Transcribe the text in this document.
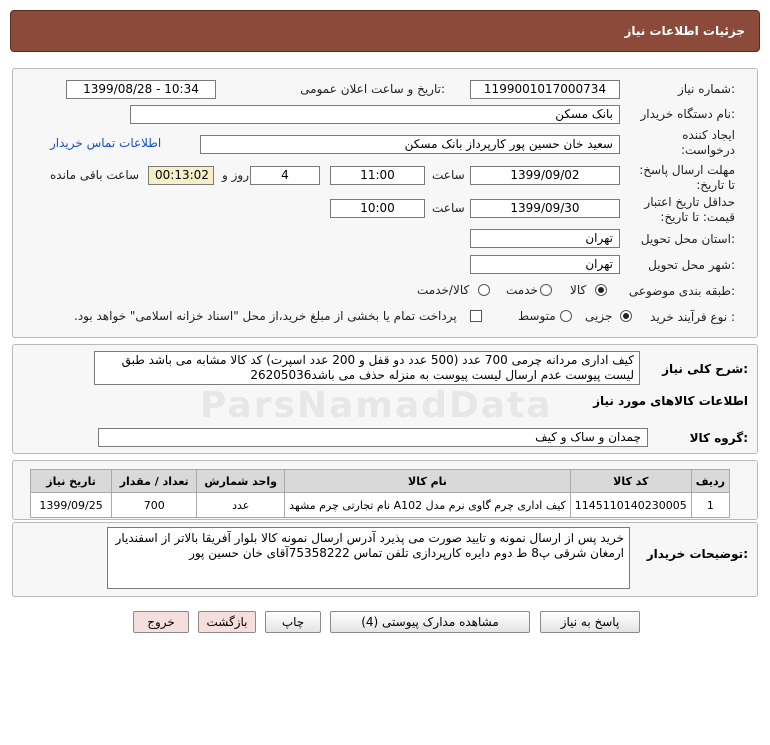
جزئیات اطلاعات نیاز
شماره نیاز:
1199001017000734
تاریخ و ساعت اعلان عمومی:
1399/08/28 - 10:34
نام دستگاه خریدار:
بانک مسکن
ایجاد کننده درخواست:
سعید خان حسین پور کارپرداز بانک مسکن
اطلاعات تماس خریدار
مهلت ارسال پاسخ: تا تاریخ:
1399/09/02
ساعت
11:00
4
روز و
00:13:02
ساعت باقی مانده
حداقل تاریخ اعتبار قیمت: تا تاریخ:
1399/09/30
ساعت
10:00
استان محل تحویل:
تهران
شهر محل تحویل:
تهران
طبقه بندی موضوعی:
کالا
خدمت
کالا/خدمت
نوع فرآیند خرید :
جزیی
متوسط
پرداخت تمام یا بخشی از مبلغ خرید،از محل "اسناد خزانه اسلامی" خواهد بود.
شرح کلی نیاز:
کیف اداری مردانه چرمی 700 عدد (500 عدد دو قفل و 200 عدد اسپرت) کد کالا مشابه می باشد طبق لیست پیوست عدم ارسال لیست پیوست به منزله حذف می باشد26205036
اطلاعات کالاهای مورد نیاز
گروه کالا:
چمدان و ساک و کیف
ردیف	کد کالا	نام کالا	واحد شمارش	تعداد / مقدار	تاریخ نیاز
1	1145110140230005	کیف اداری چرم گاوی نرم مدل A102 نام تجارتی چرم مشهد	عدد	700	1399/09/25
توضیحات خریدار:
خرید پس از ارسال نمونه و تایید صورت می پذیرد آدرس ارسال نمونه کالا بلوار آفریقا بالاتر از اسفندیار ارمغان شرقی پ8 ط دوم دایره کارپردازی تلفن تماس 75358222آقای خان حسین پور
پاسخ به نیاز
مشاهده مدارک پیوستی (4)
چاپ
بازگشت
خروج
